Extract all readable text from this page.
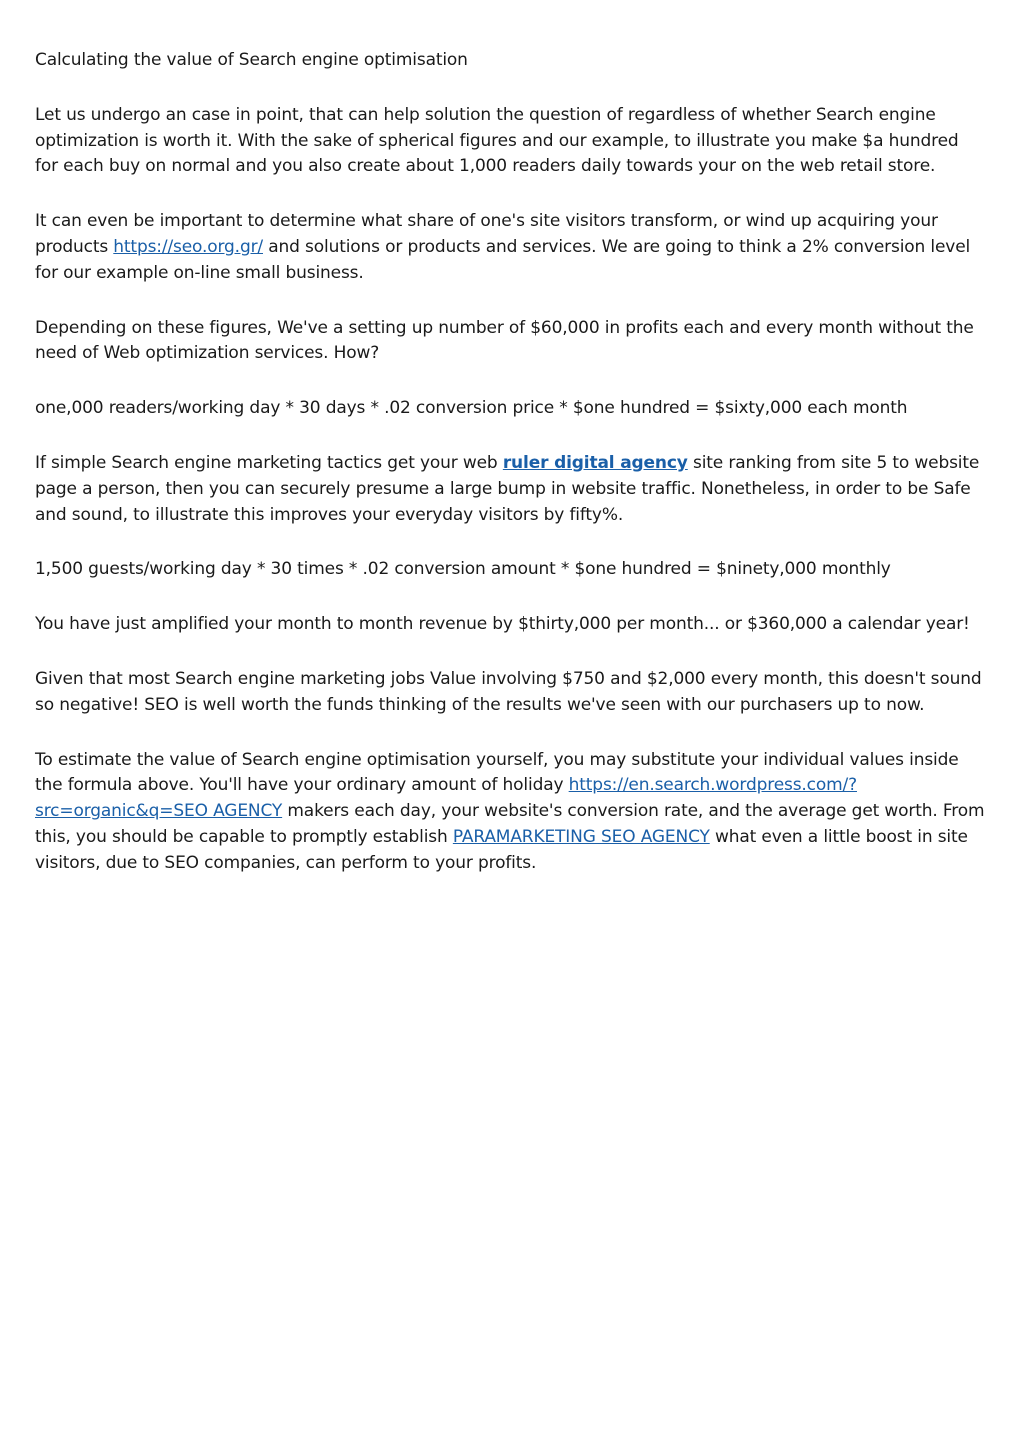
Calculating the value of Search engine optimisation

Let us undergo an case in point, that can help solution the question of regardless of whether Search engine optimization is worth it. With the sake of spherical figures and our example, to illustrate you make $a hundred for each buy on normal and you also create about 1,000 readers daily towards your on the web retail store.

It can even be important to determine what share of one's site visitors transform, or wind up acquiring your products https://seo.org.gr/ and solutions or products and services. We are going to think a 2% conversion level for our example on-line small business.

Depending on these figures, We've a setting up number of $60,000 in profits each and every month without the need of Web optimization services. How?

one,000 readers/working day * 30 days * .02 conversion price * $one hundred = $sixty,000 each month

If simple Search engine marketing tactics get your web ruler digital agency site ranking from site 5 to website page a person, then you can securely presume a large bump in website traffic. Nonetheless, in order to be Safe and sound, to illustrate this improves your everyday visitors by fifty%.

1,500 guests/working day * 30 times * .02 conversion amount * $one hundred = $ninety,000 monthly

You have just amplified your month to month revenue by $thirty,000 per month... or $360,000 a calendar year!

Given that most Search engine marketing jobs Value involving $750 and $2,000 every month, this doesn't sound so negative! SEO is well worth the funds thinking of the results we've seen with our purchasers up to now.

To estimate the value of Search engine optimisation yourself, you may substitute your individual values inside the formula above. You'll have your ordinary amount of holiday https://en.search.wordpress.com/?src=organic&q=SEO AGENCY makers each day, your website's conversion rate, and the average get worth. From this, you should be capable to promptly establish PARAMARKETING SEO AGENCY what even a little boost in site visitors, due to SEO companies, can perform to your profits.
